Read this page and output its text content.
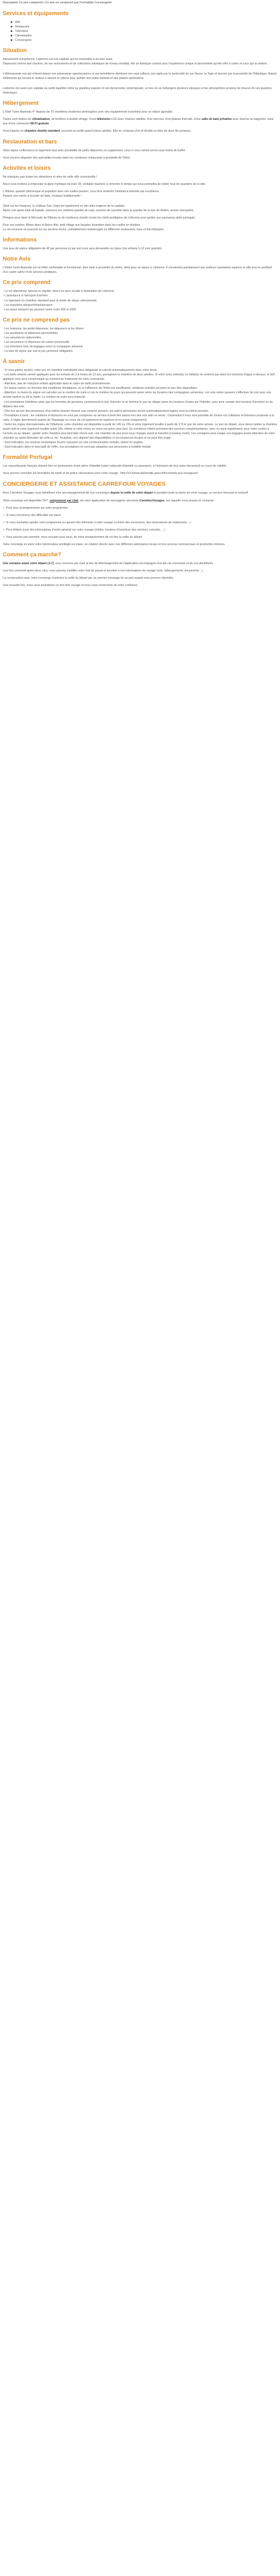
Description Ce prix comprend / Ce prix ne comprend pas Formalités Conciergerie
Services et équipements
Wifi
Restaurant
Télévision
Climatisation
Conciergerie
Situation

Assurément européenne, Lisbonne est une capitale qui ne ressemble à aucune autre.

Disposant comme tant d'autres, de ses monuments et de collections artistiques de niveau mondial, elle se distingue surtout pour l'expérience unique et personnelle qu'elle offre à celles et ceux qui la visitent.

L'éblouissante vue qui s'étend depuis ses panoramas spectaculaires et ses belvédères dominant ses sept collines, qui capte par la luminosité de son fleuve, le Tage et fascine par la proximité de l'Atlantique. Autant d'éléments qui forcent le visiteur à ralentir le rythme pour profiter des petits instants et des plaisirs éphémères.

Lisbonne est aussi une capitale au subtil équilibre entre sa grandeur passée et son dynamisme contemporain, un lieu où se mélangent plusieurs époques et les atmosphères propres de chacun de ses quartiers historiques.

Hébergement

L'hôtel Turim Alameda 4* dispose de 70 chambres modernes aménagées avec des équipements essentiels pour un séjour agréable.

Toutes sont dotées de climatisation, de fenêtres à double vitrage, d'une télévision LCD avec chaînes satellite, d'un mini-bar, d'un plateau thé/café, d'une salle de bain privative avec douche ou baignoire, ainsi que d'une connexion Wi-Fi gratuite.

Vous logerez en chambre double standard, pouvant accueillir jusqu'à deux adultes. Elle se compose d'un lit double ou bien de deux lits jumeaux.

Restauration et bars

Votre séjour s'effectuera en logement seul avec possibilité de petits déjeuners en supplément, ceux-ci vous seront servis sous forme de buffet.

Vous pourrez déguster des spécialités locales dans les nombreux restaurants à proximité de l'hôtel.

Activités et loisirs

Ne manquez pas toutes les attractions et sites de cette ville cosmopolite !

Nous vous invitons à emprunter la ligne mythique du tram 28, véritable machine à remonter le temps qui vous permettra de visiter tous les quartiers de la ville.

L'Alfama, quartier pittoresque et populaire avec ses ruelles pavées, vous fera ressentir l'ambiance lisboète par excellence.

Passez une soirée à écouter du fado, musique traditionnelle !

Situé sur les hauteurs, le château Sao Jorge est également un des sites majeurs de la capitale.

Après une après-midi de balade, savourez les célèbres pastéis de nata, sourires de cannelle dans le quartier de la tour de Belém, ancien monastère.

Plongez-vous dans le Mercado da Ribeira ou de nombreux stands réunis les chefs prodigieux de Lisbonne pour goûter aux savoureux plats portugais.

Pour vos soirées, flânez dans le Bairro Alto, petit village aux façades lézardées dans les ruelles en étoilées.

La vie nocturne se poursuit sur les anciens docks, complètement réaménagés en différents restaurants, bars et discothèques.

Informations

Une taxe de séjour obligatoire de 4€ par personne et par nuit vous sera demandée sur place (les enfants 0-12 sont gratuits)

Notre Avis

L'Hôtel Turim Alameda est un hôtel confortable et fonctionnel, bien situé à proximité du métro, idéal pour un séjour à Lisbonne. Il conviendra parfaitement aux visiteurs souhaitant explorer la ville tout en profitant d'un cadre calme et de services pratiques.

Ce prix comprend

- Le vol aller/retour spécial ou régulier, direct ou avec escale à destination de Lisbonne

- L'assistance à l'aéroport d'arrivée

- Le logement en chambre standard pour la durée de séjour sélectionnée

- Les transferts aéroport/hôtel/aéroport

- Les taxes aéroport qui peuvent varier entre 30€ et 200€

Ce prix ne comprend pas

- Les boissons, les petits déjeuners, les déjeuners et les dîners

- Les pourboires et dépenses personnelles

- Les assurances optionnelles

- Les excursions et dépenses de nature personnelle

- Les éventuels frais de bagages selon la compagnie aérienne

- La taxe de séjour par nuit et par personne obligatoire

À savoir

- Si vous partez seul(e), votre prix en chambre individuelle sera obligatoire et calculé automatiquement dans votre devis.

- Les tarifs enfants seront appliqués pour les enfants de 2 à moins de 12 ans, partageant la chambre de deux adultes. Si votre (vos) enfant(s) ou bébé(s) ne rentrent pas dans les tranches d'âges ci-dessus, le tarif appliqué vous sera communiqué au moment du traitement de votre commande.

- Attention, pas de réduction enfant applicable dans le cadre de tarifs promotionnels.

- En basse saison, en fonction des conditions climatiques, ou si l'affluence de l'hôtel est insuffisante, certaines activités peuvent ne pas être disponibles.

- Attention, la durée du séjour est calculée sur le nombre de nuits et non le nombre de jours qui peuvent varier selon les horaires des compagnies aériennes. Les vols retour peuvent s'effectuer de nuit avec une arrivée tardive ou tôt le matin. Le nombre de nuits sera respecté.

- Les prestations hôtelières ainsi que les formules de pensions commencent le jour d'arrivée et se termine le jour du départ selon les horaires choisis par l'hôtelier, sans tenir compte des horaires d'arrivées ou de départs des vols.

- Dès lors qu'une des personnes d'un même dossier réservé une certaine pension, les autres personnes seront automatiquement logées sous la même pension.

- Prestations à bord : les collations et boissons ne sont pas comprises au service à bord des avions lors des vols aller et retour ; Cependant il vous sera possible de choisir vos collations et boissons proposés à la carte, à régler directement auprès de l'équipage ou cours du vol (paiement en espèces et en euros uniquement).

- Selon les règles internationales de l'hôtellerie, votre chambre est disponible à partir de 14h ou 15h et votre logement localité à partir de 17h le jour de votre arrivée. Le jour du départ, vous devez quitter la chambre avant midi et votre logement localité avant 10h, même si votre retour en avion est prévu plus tard. De nombreux hôtels prévoient des services complémentaires, avec ou sans supplément, pour votre confort à l'arrivée ou au départ : garder votre chambre plus tard (late check-out), une chambre de jour pour vous changer avant le transfert (courtesy room). Les consignes pour ranger vos bagages avant obtention de votre chambre ou après libération de celle-ci, etc. Toutefois, ceci dépend des disponibilités et circonstances locales et ne peut être exigé.

- Souf indication, les services touristiques fournis reposent sur une communication verbale, sérent en anglais.

- Souf indication dans le descriptif de l'offre, nos prestations ne sont pas adaptées aux personnes à mobilité réduite.

Formalité Portugal

Les ressortissants français doivent être en possession d'une pièce d'identité (carte nationale d'identité ou passeport, à l'exclusion de tout autre document) en cours de validité.

Vous pouvez consulter les formalités de santé et de police nécessaires pour votre voyage : http://XXXwww.diplomatie.gouv.fr/fr/conseils-aux-voyageurs/

CONCIERGERIE ET ASSISTANCE CARREFOUR VOYAGES

Avec Carrefour Voyages vous bénéficiez d'un accompagnement de nos concierges depuis la veille de votre départ et pendant toute la durée de votre voyage, un service innovant et exclusif.

Votre concierge est disponible 24/7, uniquement par chat, via votre application de messagerie sécurisée CarrefourVoyages, sur laquelle vous pouvez le contacter :

✓ Pour tous renseignements sur votre programme

✓ Si vous rencontrez des difficultés sur place

✓ Si vous souhaitez ajouter votre programme ou ajouter des éléments à votre voyage (comme des excursions, des réservations de restaurants…)

✓ Pour obtenir avoir des informations d'ordre général sur votre voyage (météo, horaires d'ouverture des services, conseils, …)

✓ Vous pouvez par exemple, nous occuper pour vous, de votre enregistrement de vol dès la veille du départ

Votre concierge en alors votre interlocuteur privilégié sur place, en relation directe avec nos différents partenaires locaux et nos services commerciaux et production internes.

Comment ça marche?

Une semaine avant votre départ (J-7), vous recevrez par mail, le lien de téléchargement de l'application accompagné d'un lien de connexion et de vos identifiants.

Une fois connecté après deux clics, vous pourrez modifier votre mot de passe et accéder à vos informations de voyage (vols, hébergements, documents…).

La conversation avec votre concierge s'activera la veille du départ par un premier message de sa part auquel vous pourrez répondre.

Une nouvelle fois, nous vous souhaitons un très bon voyage et nous vous remercions de votre confiance.
